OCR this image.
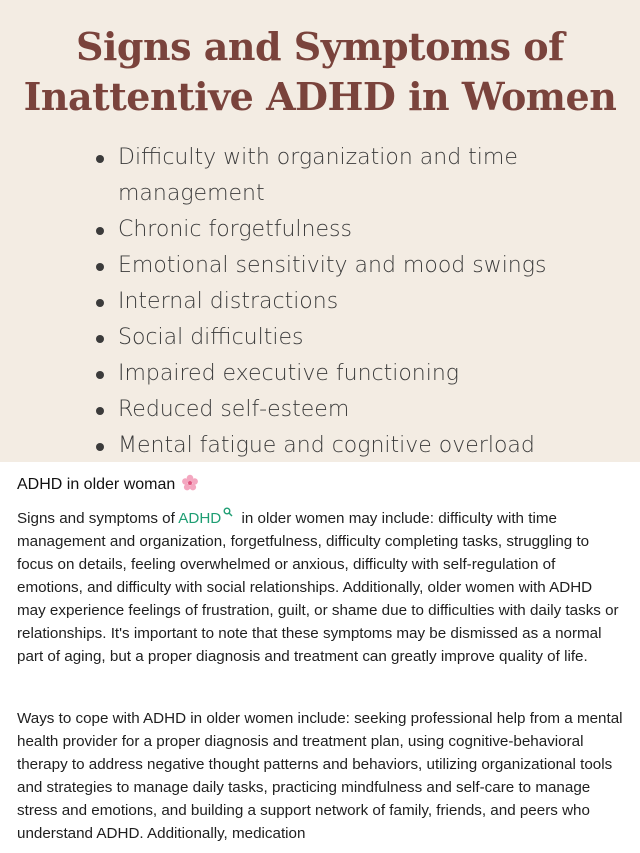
Signs and Symptoms of
Inattentive ADHD in Women
Difficulty with organization and time management
Chronic forgetfulness
Emotional sensitivity and mood swings
Internal distractions
Social difficulties
Impaired executive functioning
Reduced self-esteem
Mental fatigue and cognitive overload
ADHD in older woman

Signs and symptoms of ADHD in older women may include: difficulty with time management and organization, forgetfulness, difficulty completing tasks, struggling to focus on details, feeling overwhelmed or anxious, difficulty with self-regulation of emotions, and difficulty with social relationships. Additionally, older women with ADHD may experience feelings of frustration, guilt, or shame due to difficulties with daily tasks or relationships. It's important to note that these symptoms may be dismissed as a normal part of aging, but a proper diagnosis and treatment can greatly improve quality of life.

Ways to cope with ADHD in older women include: seeking professional help from a mental health provider for a proper diagnosis and treatment plan, using cognitive-behavioral therapy to address negative thought patterns and behaviors, utilizing organizational tools and strategies to manage daily tasks, practicing mindfulness and self-care to manage stress and emotions, and building a support network of family, friends, and peers who understand ADHD. Additionally, medication
